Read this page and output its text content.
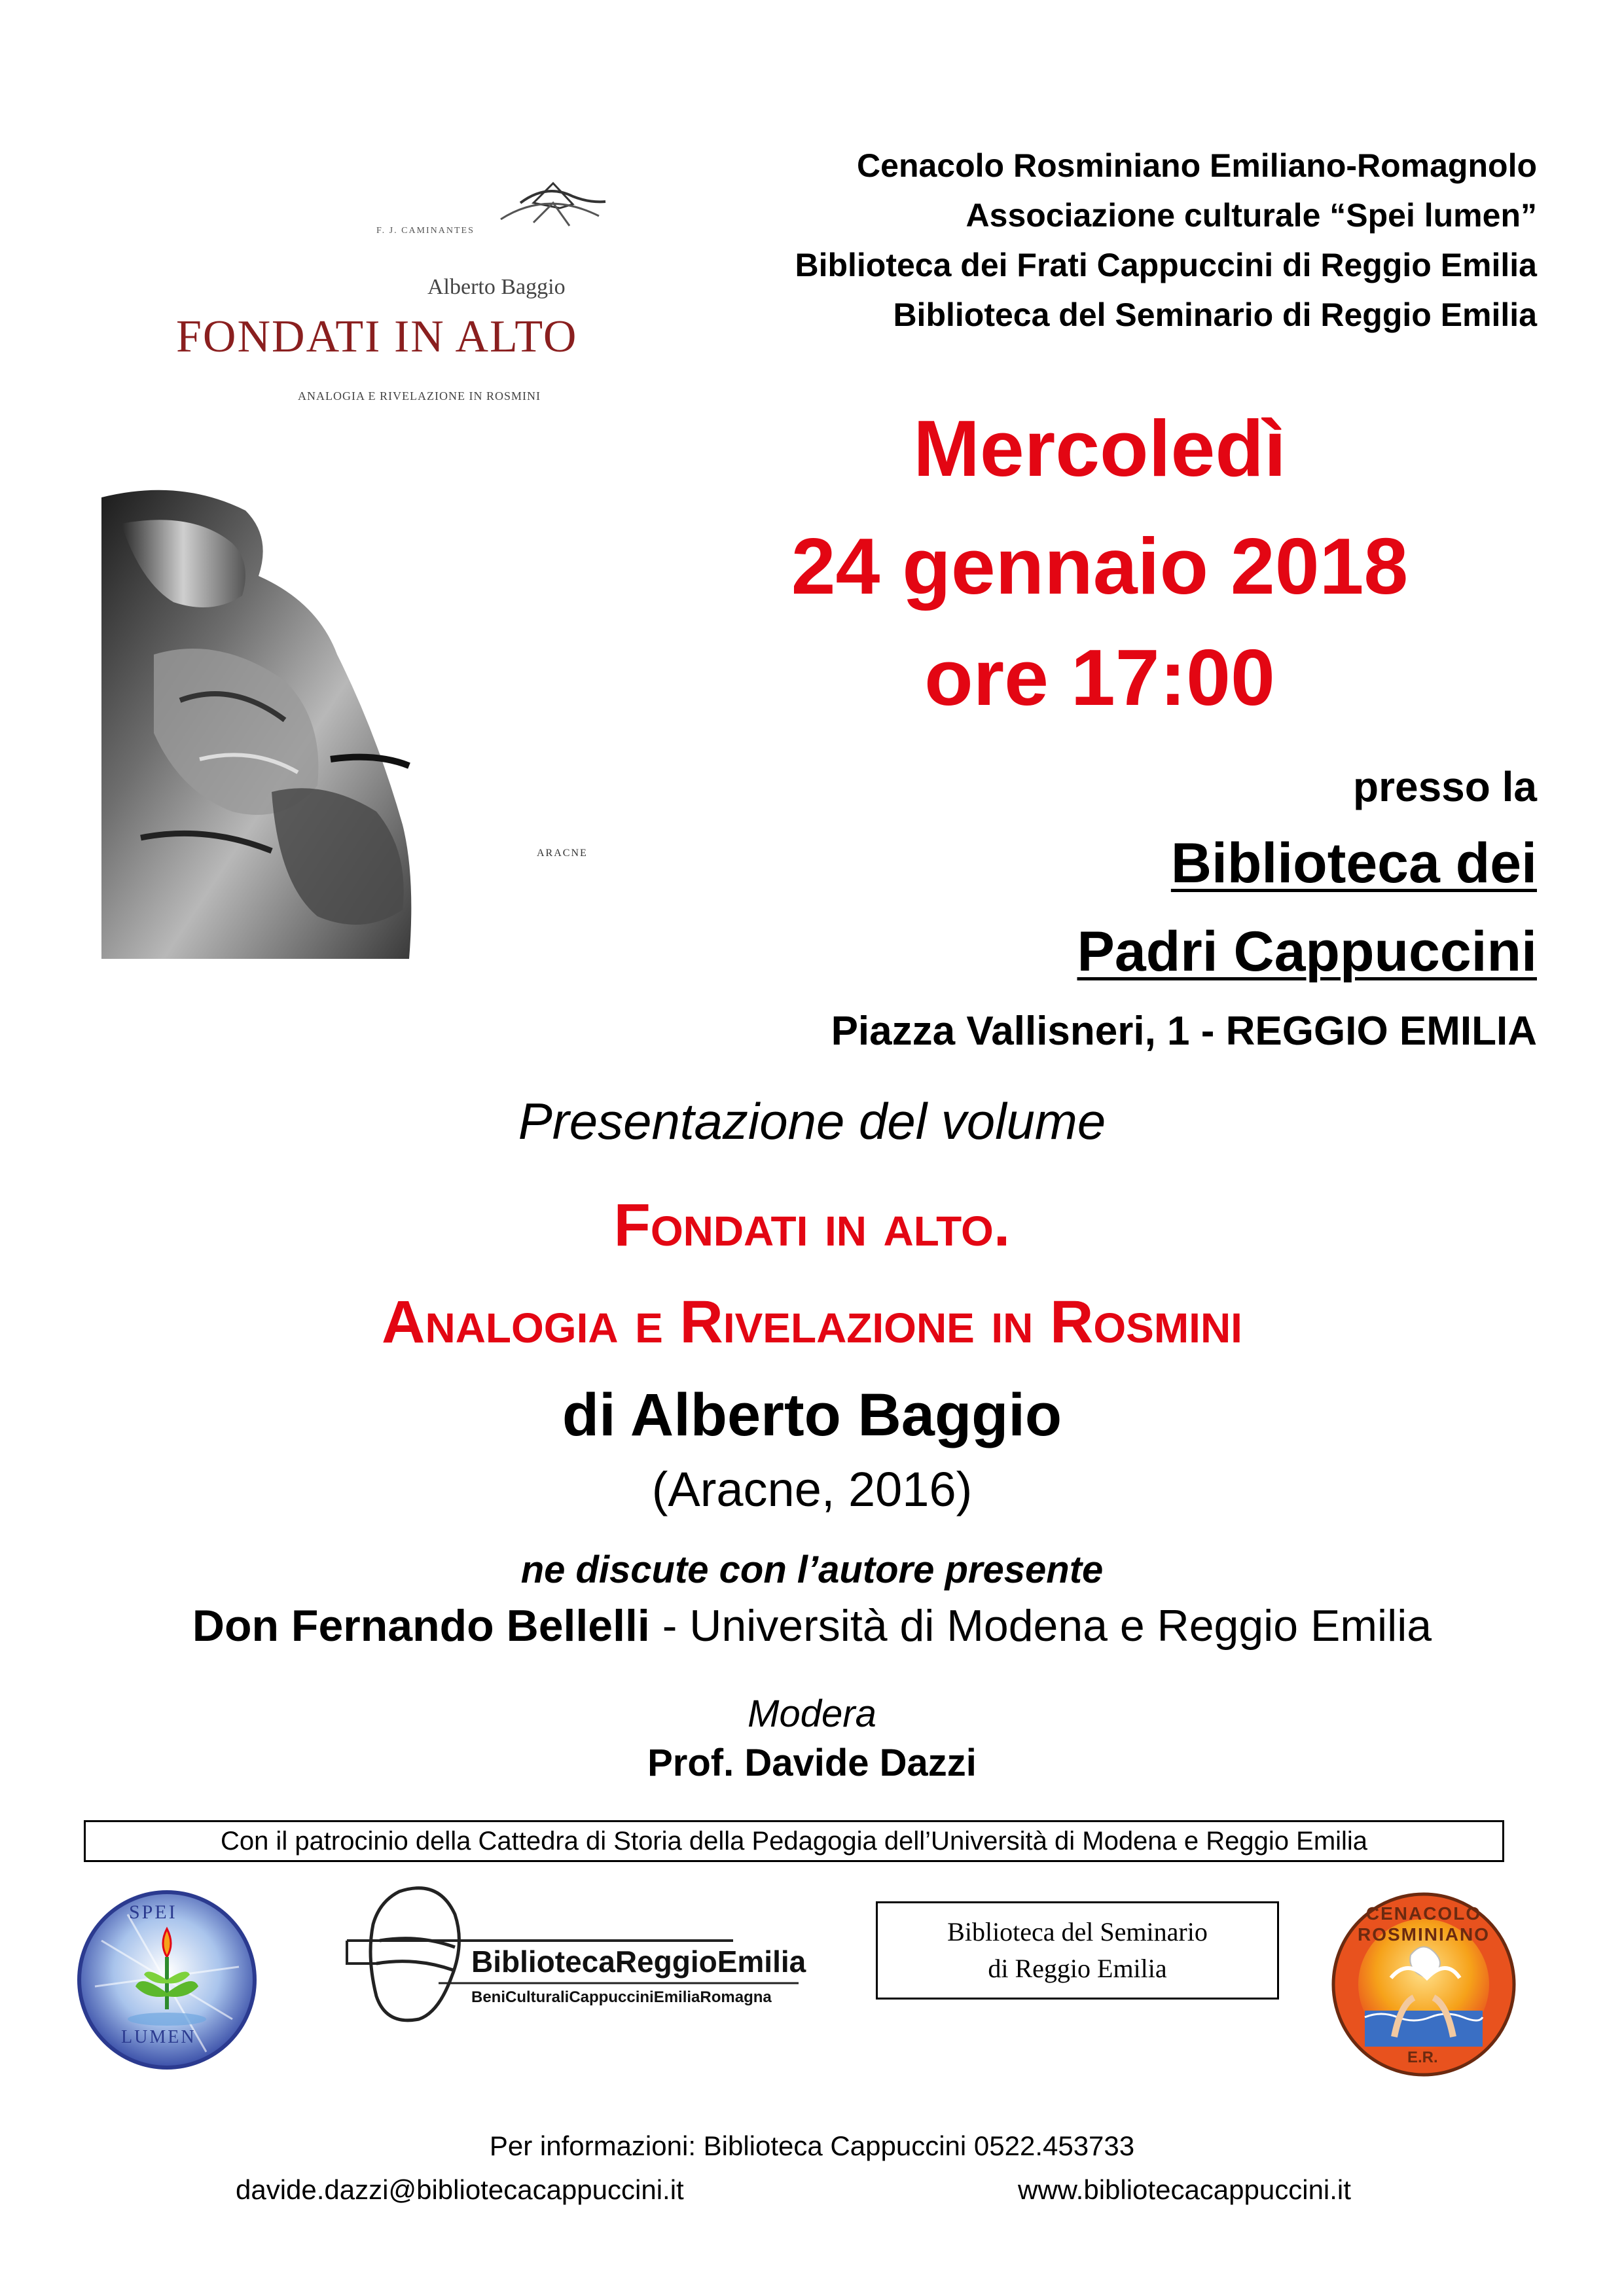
F. J. CAMINANTES
Alberto Baggio
FONDATI IN ALTO
ANALOGIA E RIVELAZIONE IN ROSMINI
ARACNE
Cenacolo Rosminiano Emiliano-Romagnolo
Associazione culturale “Spei lumen”
Biblioteca dei Frati Cappuccini di Reggio Emilia
Biblioteca del Seminario di Reggio Emilia
Mercoledì
24 gennaio 2018
ore 17:00
presso la
Biblioteca dei
Padri Cappuccini
Piazza Vallisneri, 1 - REGGIO EMILIA
Presentazione del volume
Fondati in alto.
Analogia e Rivelazione in Rosmini
di Alberto Baggio
(Aracne, 2016)
ne discute con l’autore presente
Don Fernando Bellelli - Università di Modena e Reggio Emilia
Modera
Prof. Davide Dazzi
Con il patrocinio della Cattedra di Storia della Pedagogia dell’Università di Modena e Reggio Emilia
SPEI
LUMEN
BibliotecaReggioEmilia
BeniCulturaliCappucciniEmiliaRomagna
Biblioteca del Seminario
di Reggio Emilia
CENACOLO ROSMINIANO
E.R.
Per informazioni: Biblioteca Cappuccini 0522.453733
davide.dazzi@bibliotecacappuccini.it	www.bibliotecacappuccini.it
